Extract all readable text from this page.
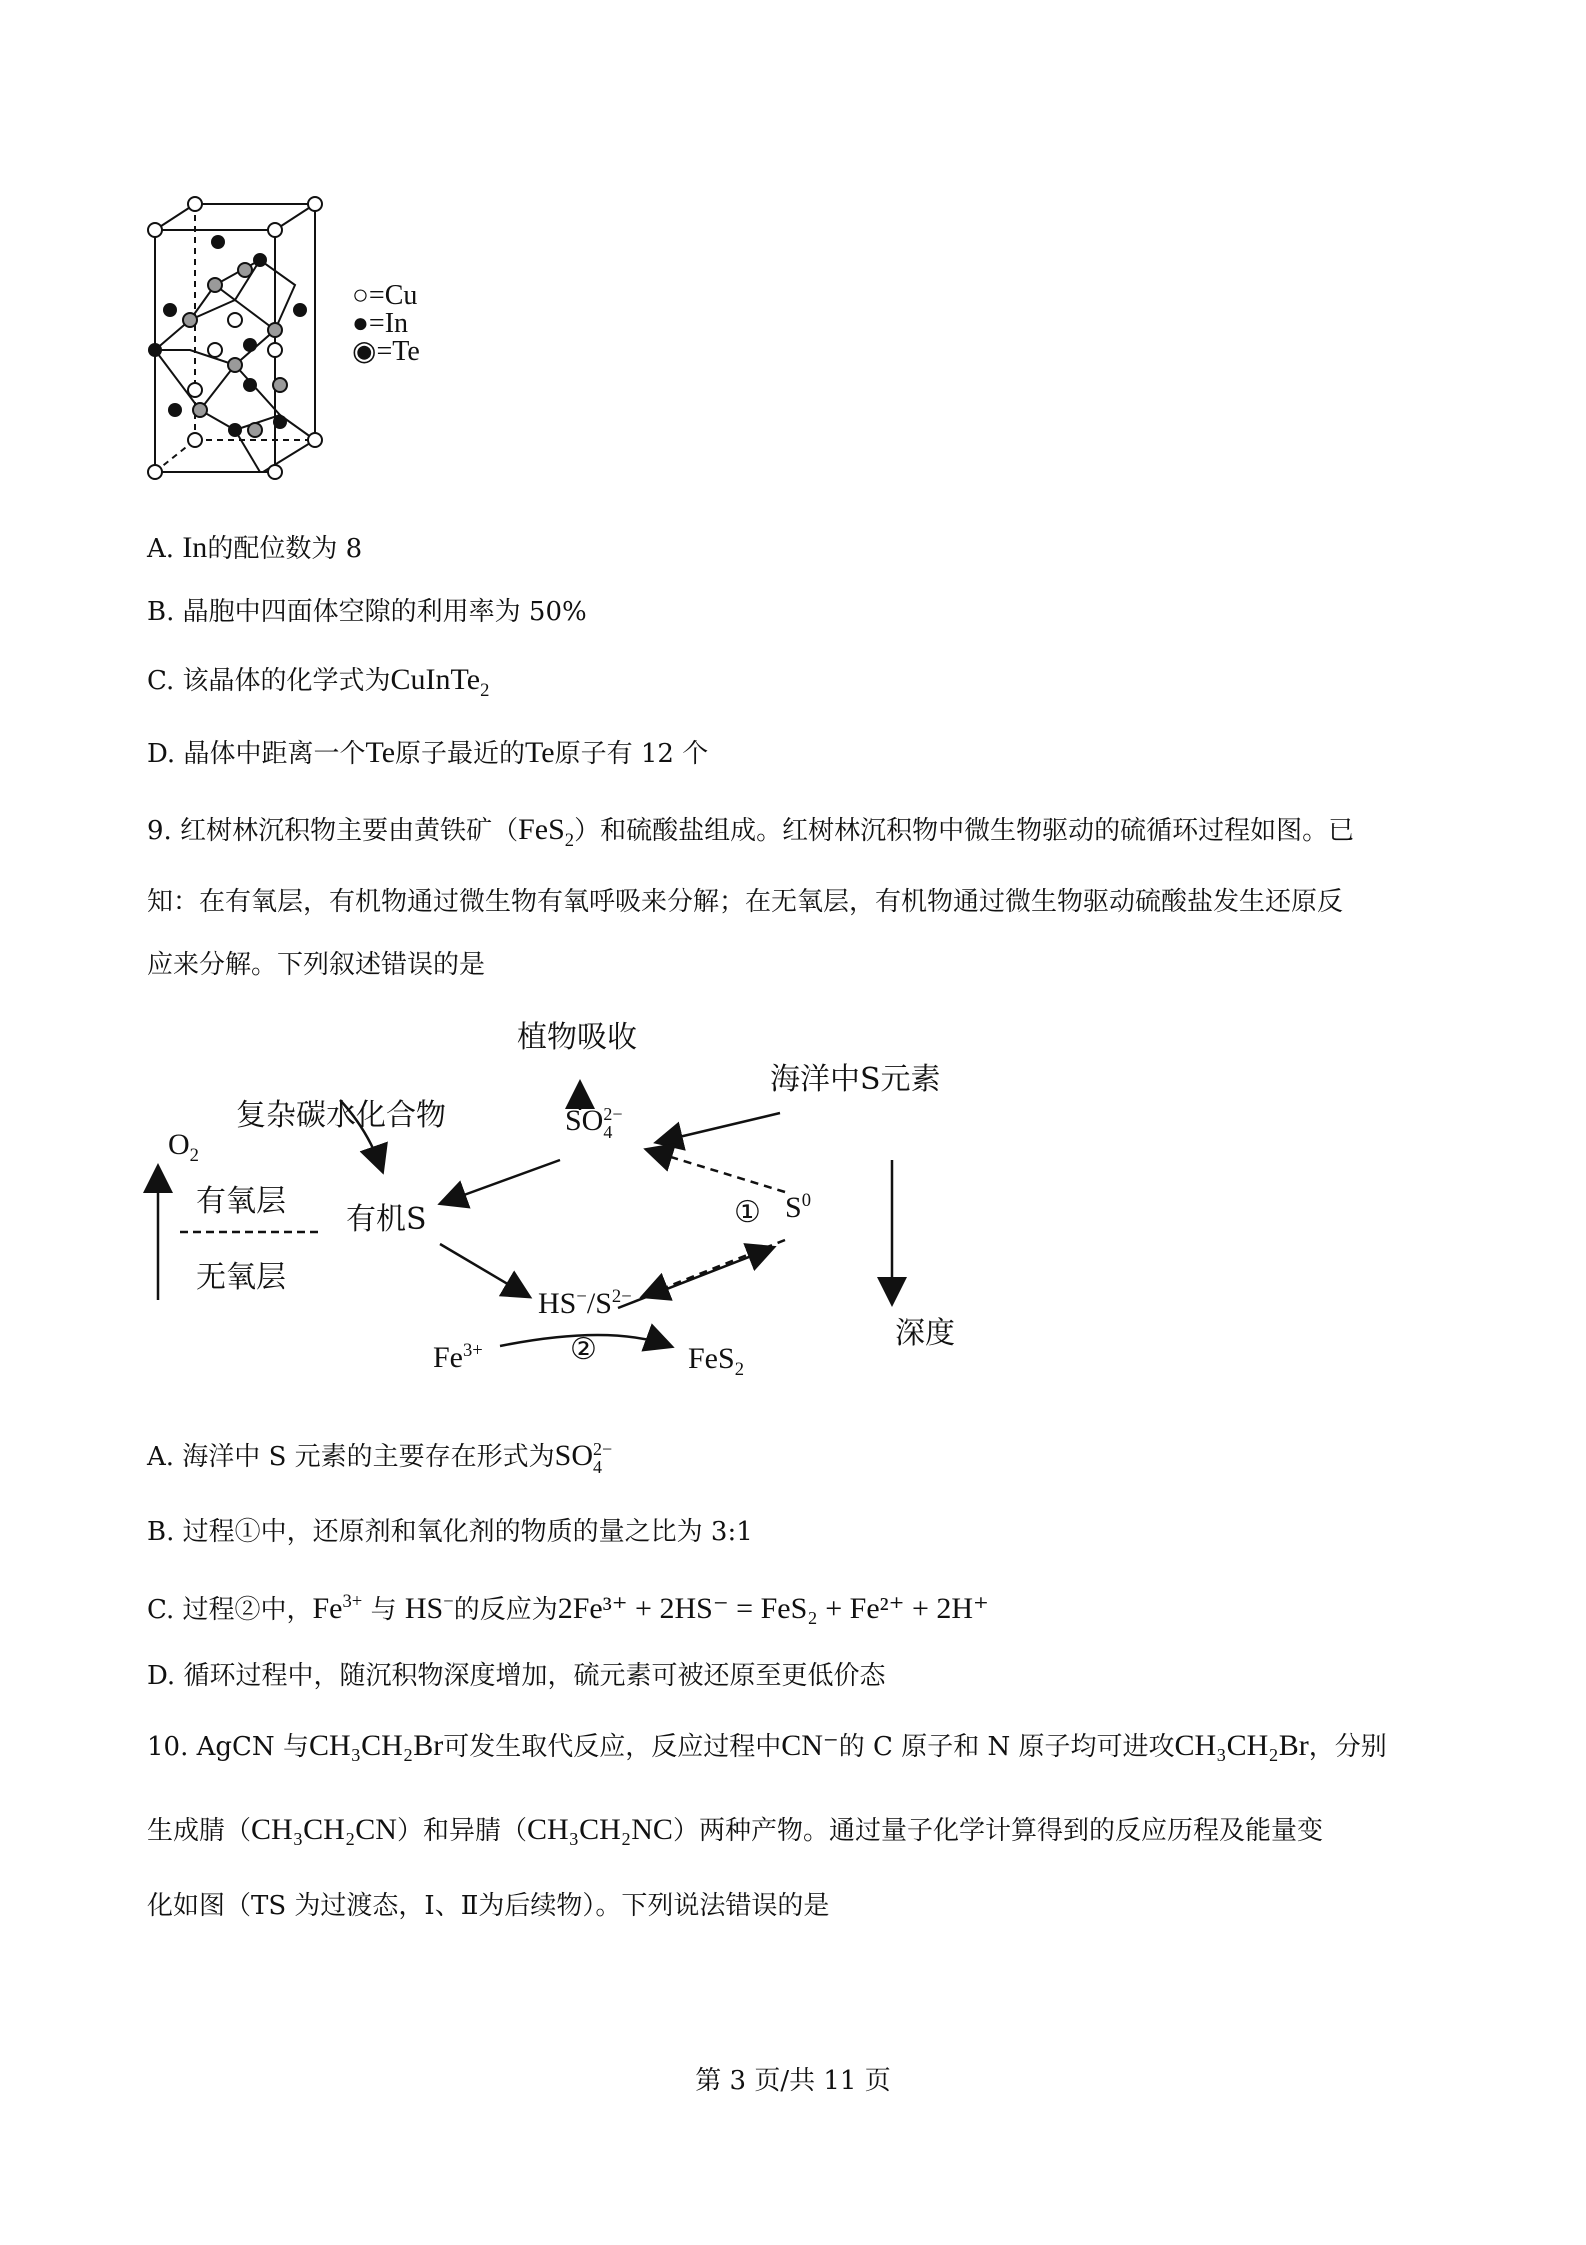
○=Cu
●=In
◉=Te
A. In的配位数为 8
B. 晶胞中四面体空隙的利用率为 50%
C. 该晶体的化学式为CuInTe$_2$
D. 晶体中距离一个Te原子最近的Te原子有 12 个
9. 红树林沉积物主要由黄铁矿（FeS$_2$）和硫酸盐组成。红树林沉积物中微生物驱动的硫循环过程如图。已
知：在有氧层，有机物通过微生物有氧呼吸来分解；在无氧层，有机物通过微生物驱动硫酸盐发生还原反
应来分解。下列叙述错误的是
植物吸收
海洋中S元素
复杂碳水化合物
$O_2$
有氧层
无氧层
有机S
SO 2−
4
① $S^0$
$HS^-/S^{2-}$
②
$Fe^{3+}$	FeS$_2$
深度
A. 海洋中 S 元素的主要存在形式为SO 2−
4
B. 过程①中，还原剂和氧化剂的物质的量之比为 3:1
C. 过程②中，$Fe^{3+}$ 与 HS−的反应为2Fe³⁺ + 2HS⁻ = FeS₂ + Fe²⁺ + 2H⁺
D. 循环过程中，随沉积物深度增加，硫元素可被还原至更低价态
10. AgCN 与CH₃CH₂Br可发生取代反应，反应过程中CN⁻的 C 原子和 N 原子均可进攻CH₃CH₂Br，分别
生成腈（CH₃CH₂CN）和异腈（CH₃CH₂NC）两种产物。通过量子化学计算得到的反应历程及能量变
化如图（TS 为过渡态，Ⅰ、Ⅱ为后续物）。下列说法错误的是
第 3 页/共 11 页
